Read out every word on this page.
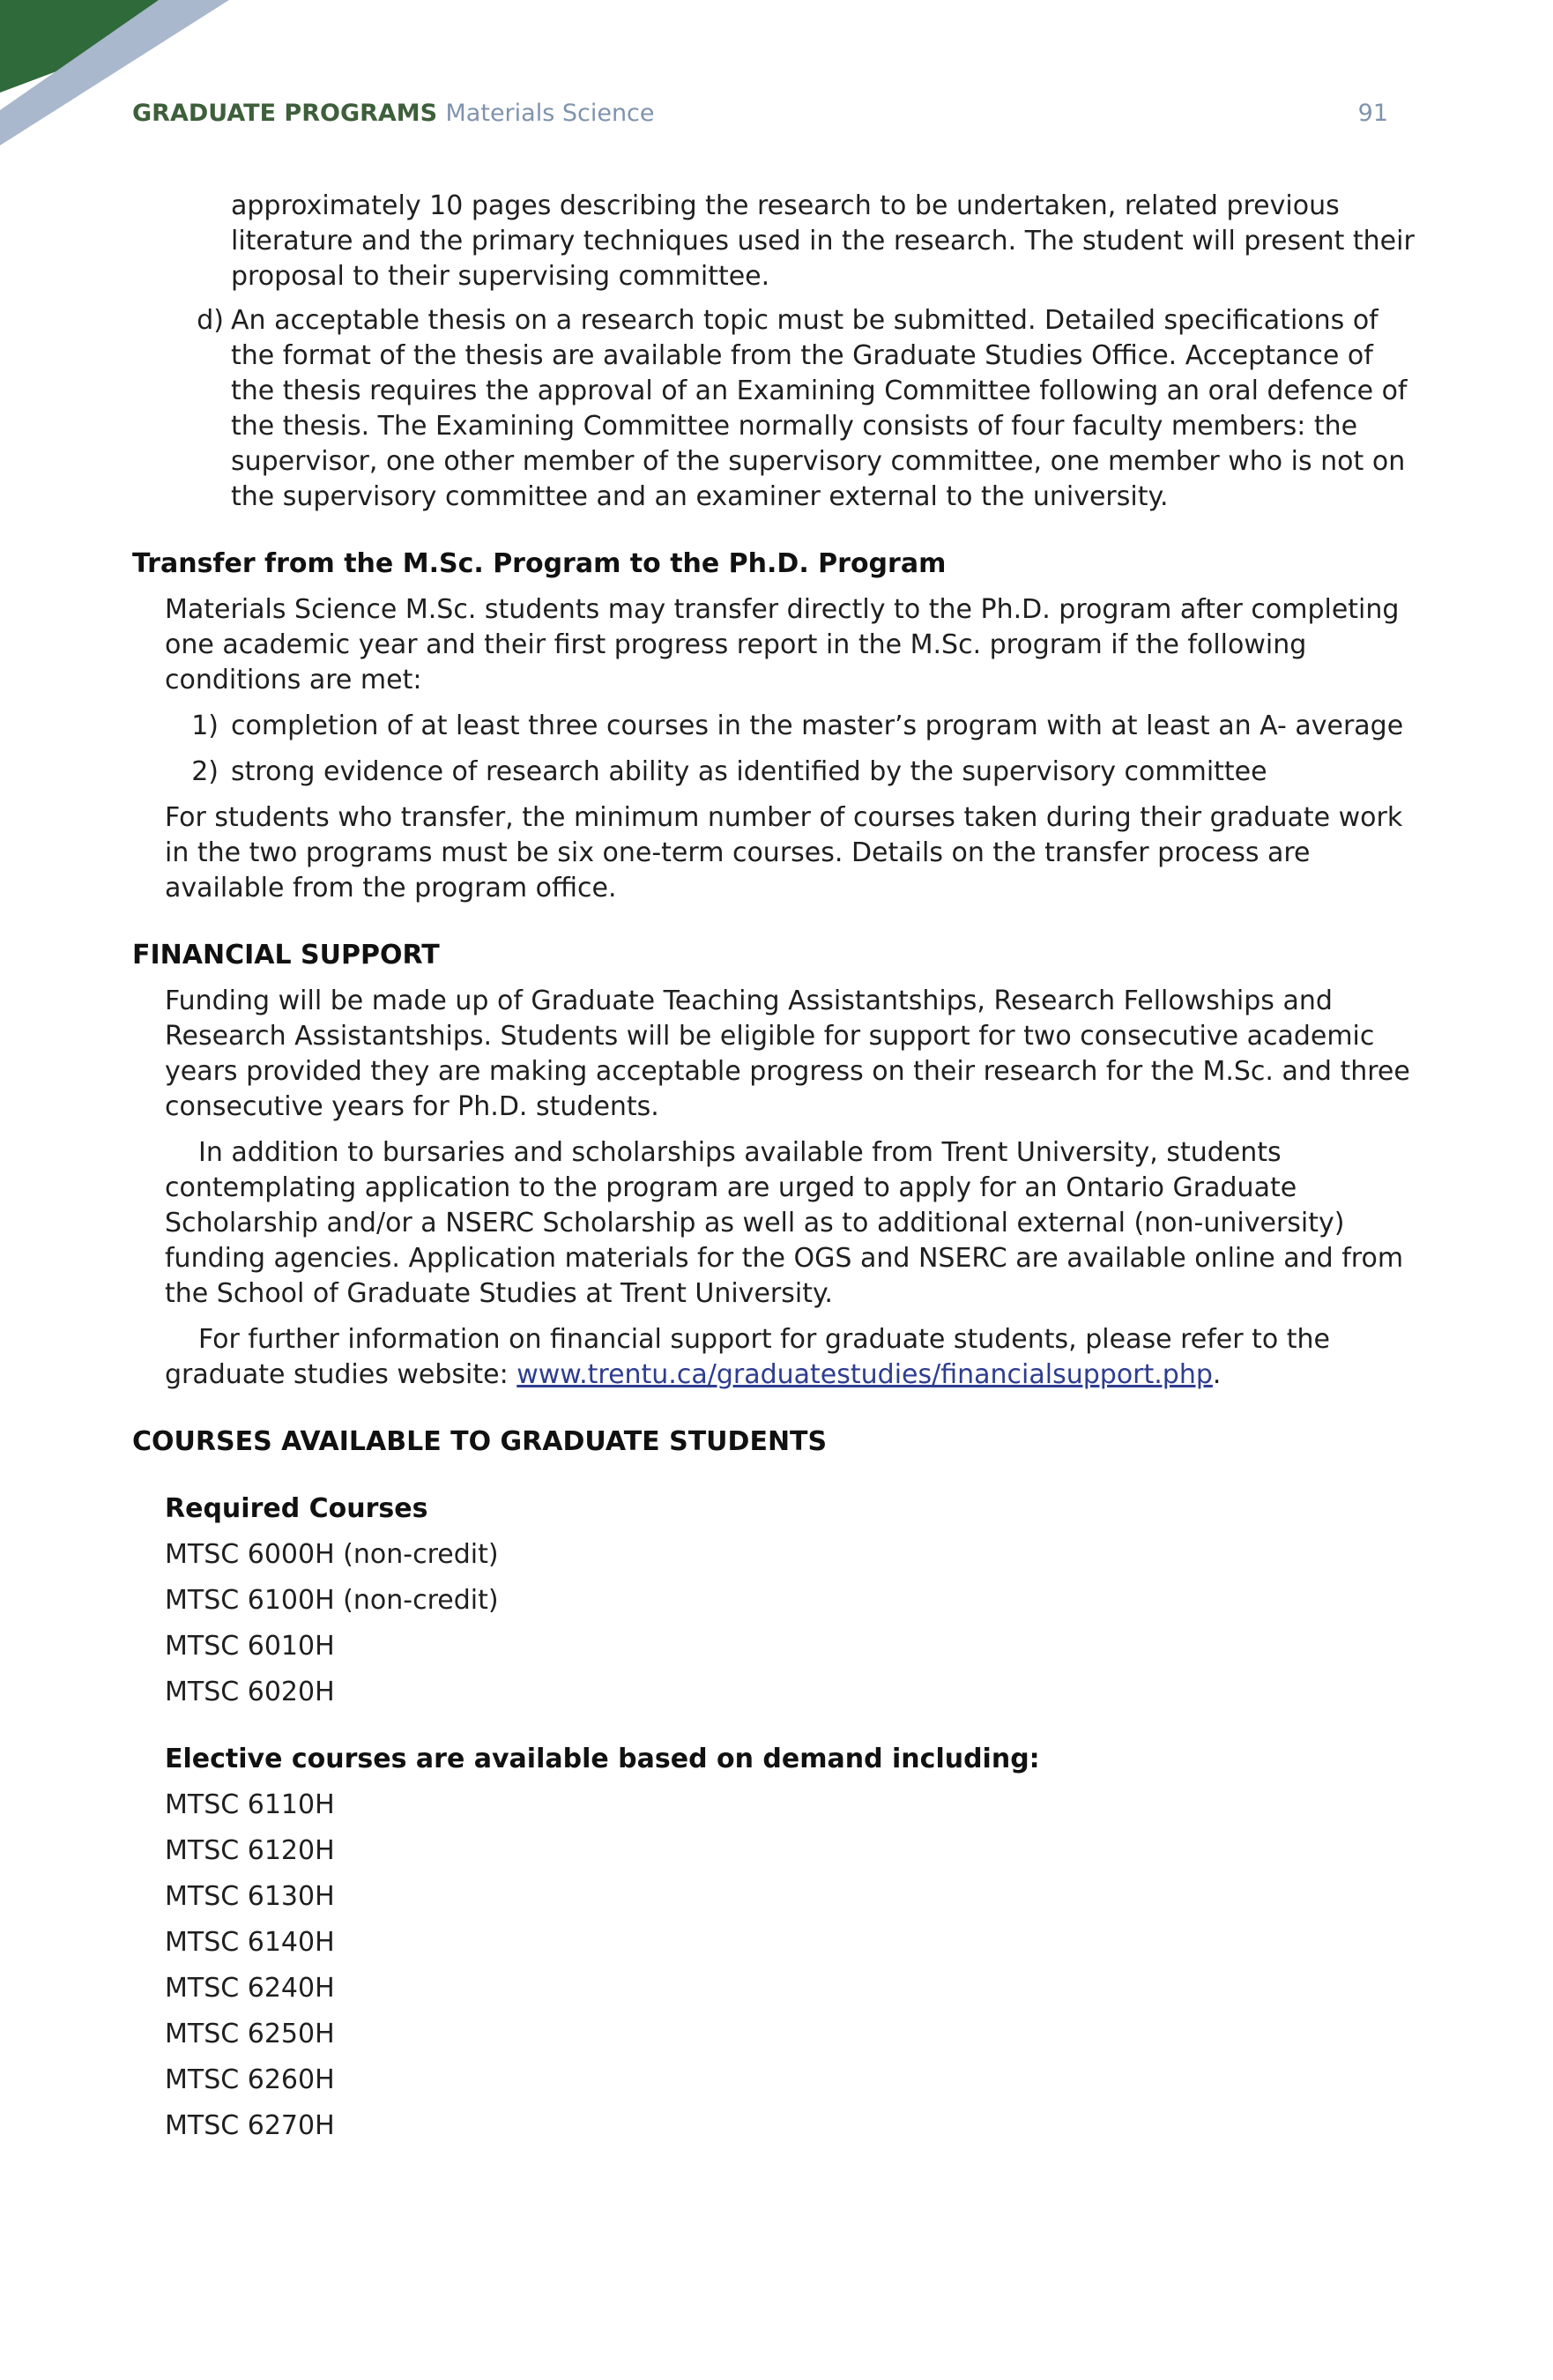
GRADUATE PROGRAMS Materials Science	91

approximately 10 pages describing the research to be undertaken, related previous literature and the primary techniques used in the research. The student will present their proposal to their supervising committee.

d) An acceptable thesis on a research topic must be submitted. Detailed specifications of the format of the thesis are available from the Graduate Studies Office. Acceptance of the thesis requires the approval of an Examining Committee following an oral defence of the thesis. The Examining Committee normally consists of four faculty members: the supervisor, one other member of the supervisory committee, one member who is not on the supervisory committee and an examiner external to the university.
Transfer from the M.Sc. Program to the Ph.D. Program

Materials Science M.Sc. students may transfer directly to the Ph.D. program after completing one academic year and their first progress report in the M.Sc. program if the following conditions are met:

1) completion of at least three courses in the master’s program with at least an A- average
2) strong evidence of research ability as identified by the supervisory committee

For students who transfer, the minimum number of courses taken during their graduate work in the two programs must be six one-term courses. Details on the transfer process are available from the program office.

FINANCIAL SUPPORT

Funding will be made up of Graduate Teaching Assistantships, Research Fellowships and Research Assistantships. Students will be eligible for support for two consecutive academic years provided they are making acceptable progress on their research for the M.Sc. and three consecutive years for Ph.D. students.

In addition to bursaries and scholarships available from Trent University, students contemplating application to the program are urged to apply for an Ontario Graduate Scholarship and/or a NSERC Scholarship as well as to additional external (non-university) funding agencies. Application materials for the OGS and NSERC are available online and from the School of Graduate Studies at Trent University.

For further information on financial support for graduate students, please refer to the graduate studies website: www.trentu.ca/graduatestudies/financialsupport.php.

COURSES AVAILABLE TO GRADUATE STUDENTS
Required Courses
MTSC 6000H (non-credit)
MTSC 6100H (non-credit)
MTSC 6010H
MTSC 6020H
Elective courses are available based on demand including:
MTSC 6110H
MTSC 6120H
MTSC 6130H
MTSC 6140H
MTSC 6240H
MTSC 6250H
MTSC 6260H
MTSC 6270H
